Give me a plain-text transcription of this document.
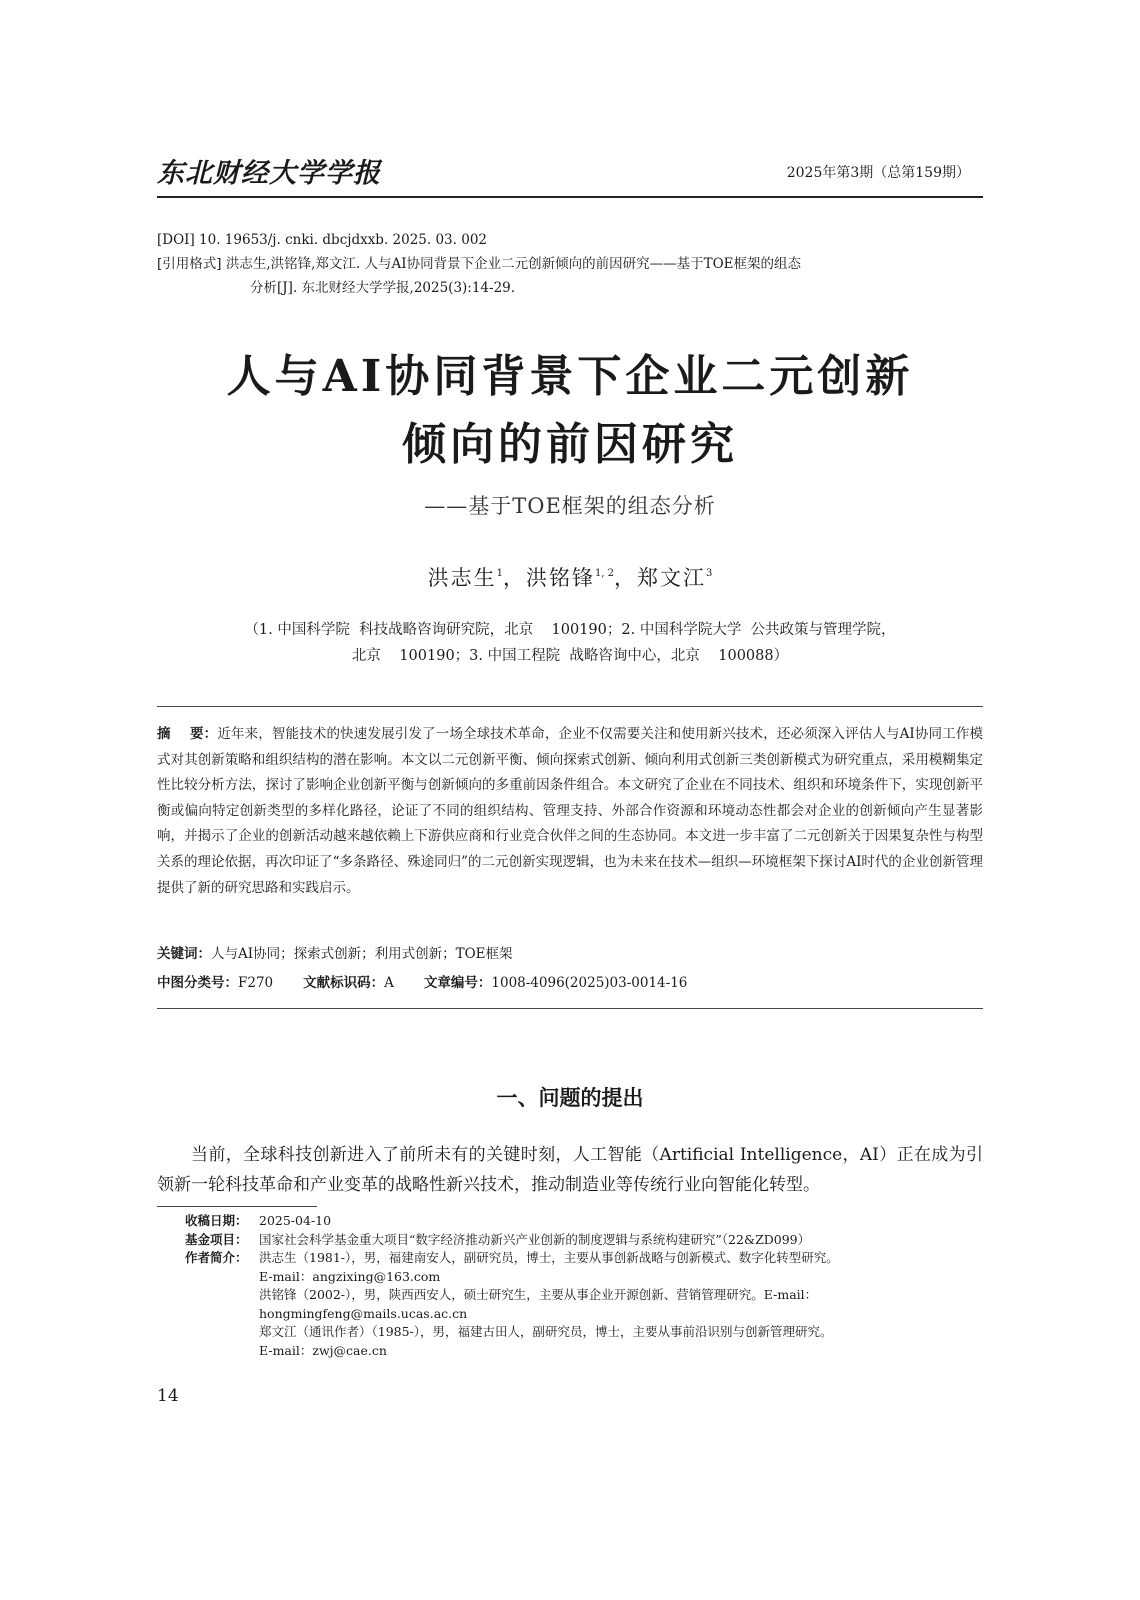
东北财经大学学报	2025年第3期（总第159期）
[DOI] 10. 19653/j. cnki. dbcjdxxb. 2025. 03. 002
[引用格式] 洪志生,洪铭锋,郑文江. 人与AI协同背景下企业二元创新倾向的前因研究——基于TOE框架的组态
分析[J]. 东北财经大学学报,2025(3):14-29.
人与AI协同背景下企业二元创新
倾向的前因研究
——基于TOE框架的组态分析
洪志生$^1$，洪铭锋$^{1, 2}$，郑文江$^3$
（1. 中国科学院  科技战略咨询研究院，北京    100190；2. 中国科学院大学  公共政策与管理学院，
北京    100190；3. 中国工程院  战略咨询中心，北京    100088）
摘    要：近年来，智能技术的快速发展引发了一场全球技术革命，企业不仅需要关注和使用新兴技术，还必须深入评估人与AI协同工作模式对其创新策略和组织结构的潜在影响。本文以二元创新平衡、倾向探索式创新、倾向利用式创新三类创新模式为研究重点，采用模糊集定性比较分析方法，探讨了影响企业创新平衡与创新倾向的多重前因条件组合。本文研究了企业在不同技术、组织和环境条件下，实现创新平衡或偏向特定创新类型的多样化路径，论证了不同的组织结构、管理支持、外部合作资源和环境动态性都会对企业的创新倾向产生显著影响，并揭示了企业的创新活动越来越依赖上下游供应商和行业竞合伙伴之间的生态协同。本文进一步丰富了二元创新关于因果复杂性与构型关系的理论依据，再次印证了“多条路径、殊途同归”的二元创新实现逻辑，也为未来在技术—组织—环境框架下探讨AI时代的企业创新管理提供了新的研究思路和实践启示。
关键词：人与AI协同；探索式创新；利用式创新；TOE框架
中图分类号：F270 文献标识码：A 文章编号：1008-4096(2025)03-0014-16
一、问题的提出

当前，全球科技创新进入了前所未有的关键时刻，人工智能（Artificial Intelligence，AI）正在成为引领新一轮科技革命和产业变革的战略性新兴技术，推动制造业等传统行业向智能化转型。

收稿日期： 2025-04-10
基金项目： 国家社会科学基金重大项目“数字经济推动新兴产业创新的制度逻辑与系统构建研究”（22&ZD099）
作者简介： 洪志生（1981-），男，福建南安人，副研究员，博士，主要从事创新战略与创新模式、数字化转型研究。
E-mail：angzixing@163.com
洪铭锋（2002-），男，陕西西安人，硕士研究生，主要从事企业开源创新、营销管理研究。E-mail：
hongmingfeng@mails.ucas.ac.cn
郑文江（通讯作者）（1985-），男，福建古田人，副研究员，博士，主要从事前沿识别与创新管理研究。
E-mail：zwj@cae.cn
14
